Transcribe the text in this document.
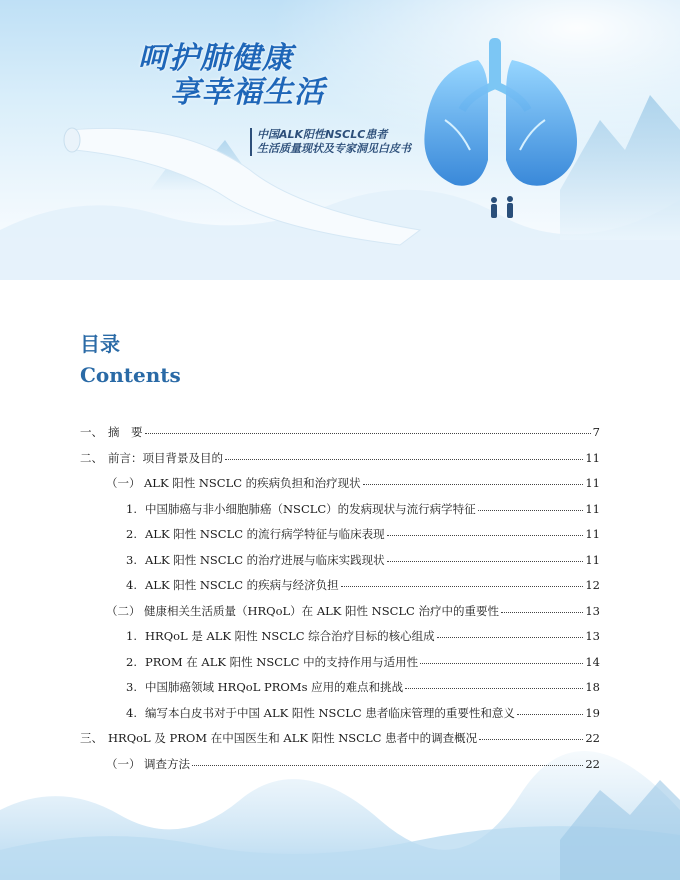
呵护肺健康
享幸福生活
中国ALK阳性NSCLC患者
生活质量现状及专家洞见白皮书
目录
Contents
一、 摘　要	7
二、 前言：项目背景及目的	11
（一） ALK 阳性 NSCLC 的疾病负担和治疗现状	11
1. 中国肺癌与非小细胞肺癌（NSCLC）的发病现状与流行病学特征	11
2. ALK 阳性 NSCLC 的流行病学特征与临床表现	11
3. ALK 阳性 NSCLC 的治疗进展与临床实践现状	11
4. ALK 阳性 NSCLC 的疾病与经济负担	12
（二） 健康相关生活质量（HRQoL）在 ALK 阳性 NSCLC 治疗中的重要性	13
1. HRQoL 是 ALK 阳性 NSCLC 综合治疗目标的核心组成	13
2. PROM 在 ALK 阳性 NSCLC 中的支持作用与适用性	14
3. 中国肺癌领域 HRQoL PROMs 应用的难点和挑战	18
4. 编写本白皮书对于中国 ALK 阳性 NSCLC 患者临床管理的重要性和意义	19
三、 HRQoL 及 PROM 在中国医生和 ALK 阳性 NSCLC 患者中的调查概况	22
（一） 调查方法	22
